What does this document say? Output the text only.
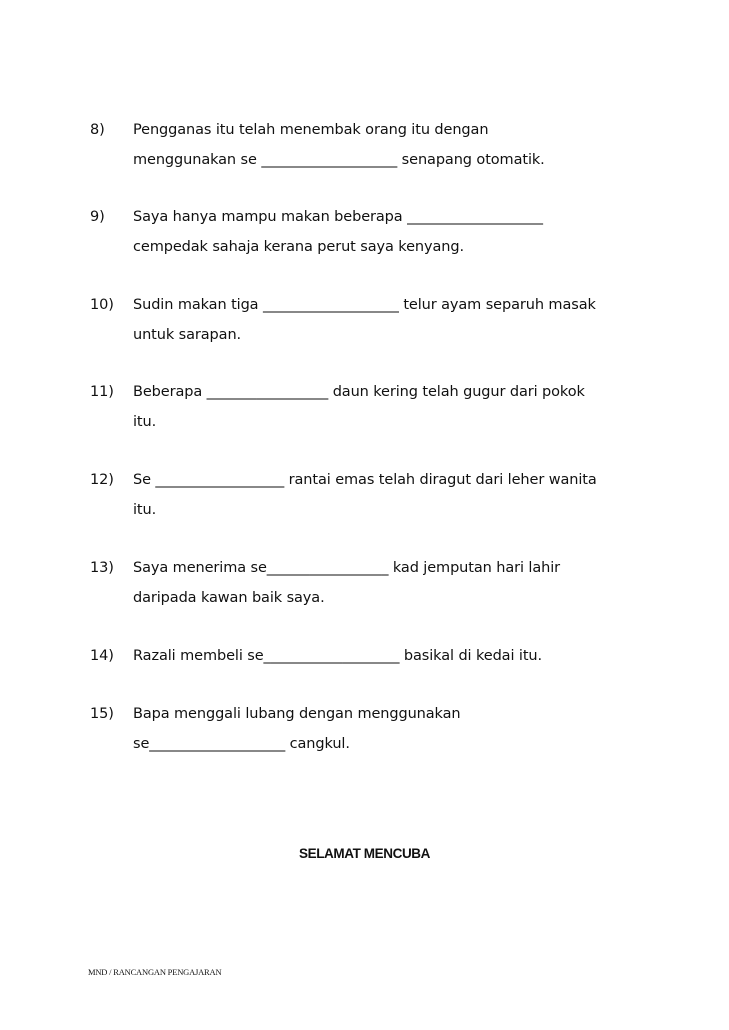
8)	Pengganas itu telah menembak orang itu dengan
menggunakan se ___________________ senapang otomatik.
9)	Saya hanya mampu makan beberapa ___________________
cempedak sahaja kerana perut saya kenyang.
10)	Sudin makan tiga ___________________ telur ayam separuh masak
untuk sarapan.
11)	Beberapa _________________ daun kering telah gugur dari pokok
itu.
12)	Se __________________ rantai emas telah diragut dari leher wanita
itu.
13)	Saya menerima se_________________ kad jemputan hari lahir
daripada kawan baik saya.
14)	Razali membeli se___________________ basikal di kedai itu.
15)	Bapa menggali lubang dengan menggunakan
se___________________ cangkul.
SELAMAT MENCUBA
MND / RANCANGAN PENGAJARAN
